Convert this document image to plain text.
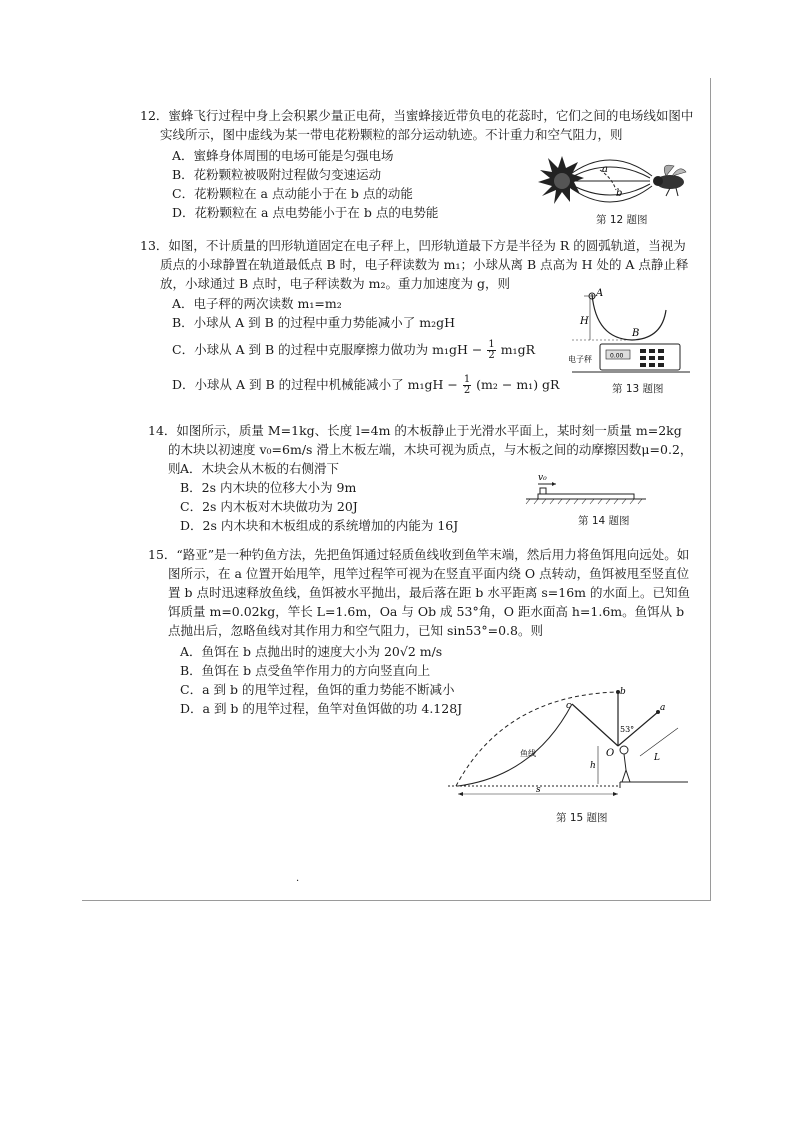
12．蜜蜂飞行过程中身上会积累少量正电荷，当蜜蜂接近带负电的花蕊时，它们之间的电场线如图中实线所示，图中虚线为某一带电花粉颗粒的部分运动轨迹。不计重力和空气阻力，则
A．蜜蜂身体周围的电场可能是匀强电场
B．花粉颗粒被吸附过程做匀变速运动
C．花粉颗粒在 a 点动能小于在 b 点的动能
D．花粉颗粒在 a 点电势能小于在 b 点的电势能
a
b
第 12 题图
13．如图，不计质量的凹形轨道固定在电子秤上，凹形轨道最下方是半径为 R 的圆弧轨道，当视为质点的小球静置在轨道最低点 B 时，电子秤读数为 m₁；小球从离 B 点高为 H 处的 A 点静止释放，小球通过 B 点时，电子秤读数为 m₂。重力加速度为 g，则
A．电子秤的两次读数 m₁=m₂
B．小球从 A 到 B 的过程中重力势能减小了 m₂gH
C．小球从 A 到 B 的过程中克服摩擦力做功为 $m_1gH - \frac{1}{2} m_1gR$
D．小球从 A 到 B 的过程中机械能减小了 $m_1gH - \frac{1}{2} (m_2 - m_1)$ gR
A
H
B
0.00
电子秤
第 13 题图
14．如图所示，质量 M=1kg、长度 l=4m 的木板静止于光滑水平面上，某时刻一质量 m=2kg 的木块以初速度 v₀=6m/s 滑上木板左端，木块可视为质点，与木板之间的动摩擦因数μ=0.2，则 A．木块会从木板的右侧滑下
B．2s 内木块的位移大小为 9m
C．2s 内木板对木块做功为 20J
D．2s 内木块和木板组成的系统增加的内能为 16J
v₀
第 14 题图
15．“路亚”是一种钓鱼方法，先把鱼饵通过轻质鱼线收到鱼竿末端，然后用力将鱼饵甩向远处。如图所示，在 a 位置开始甩竿，甩竿过程竿可视为在竖直平面内绕 O 点转动，鱼饵被甩至竖直位置 b 点时迅速释放鱼线，鱼饵被水平抛出，最后落在距 b 水平距离 s=16m 的水面上。已知鱼饵质量 m=0.02kg，竿长 L=1.6m，Oa 与 Ob 成 53°角，O 距水面高 h=1.6m。鱼饵从 b 点抛出后，忽略鱼线对其作用力和空气阻力，已知 sin53°=0.8。则
A．鱼饵在 b 点抛出时的速度大小为 20√2 m/s
B．鱼饵在 b 点受鱼竿作用力的方向竖直向上
C．a 到 b 的甩竿过程，鱼饵的重力势能不断减小
D．a 到 b 的甩竿过程，鱼竿对鱼饵做的功 4.128J	c
鱼线
b
a
53°
O	L
h
s
第 15 题图
·
